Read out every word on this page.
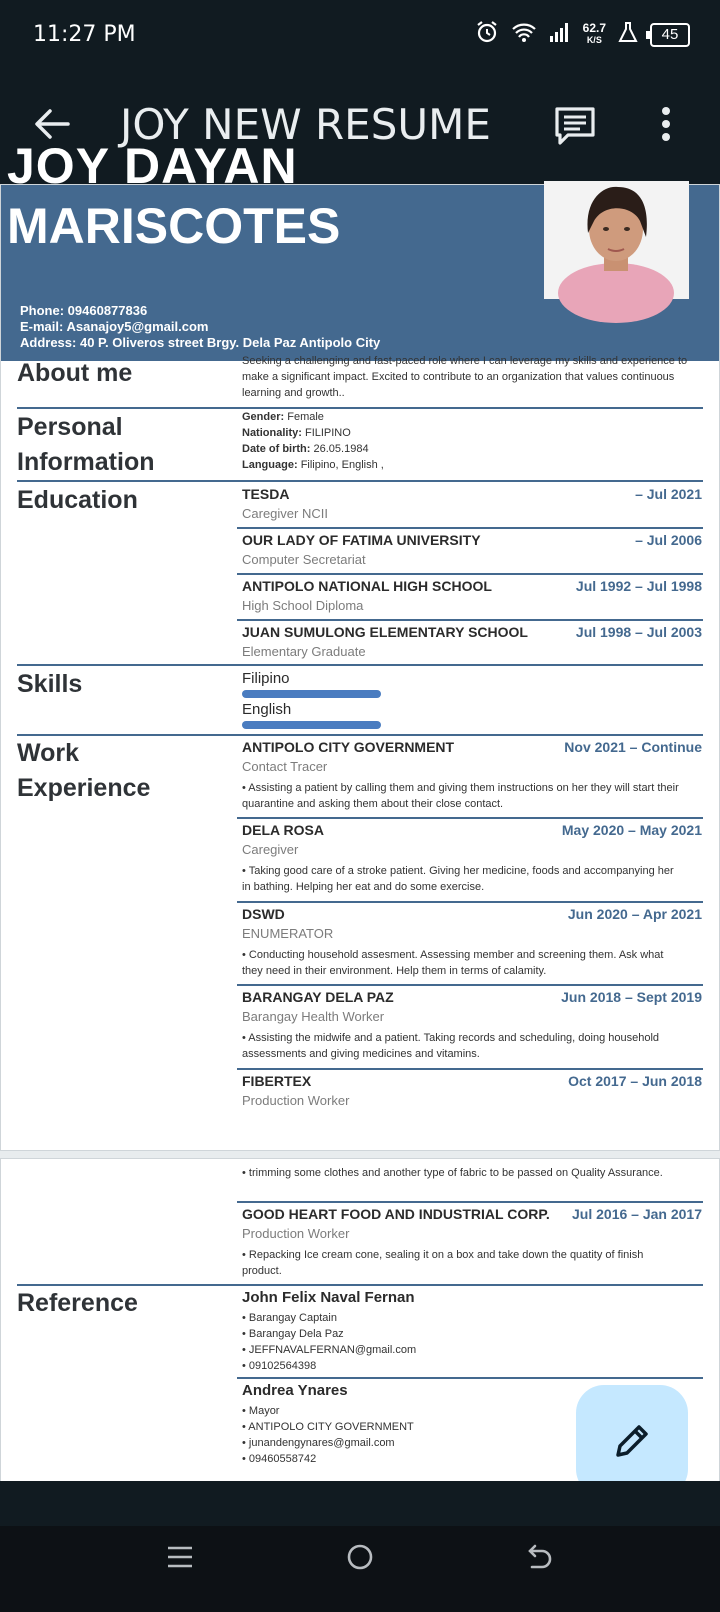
11:27 PM	62.7
K/S	45
JOY NEW RESUME
JOY DAYAN
MARISCOTES
Phone: 09460877836
E-mail: Asanajoy5@gmail.com
Address: 40 P. Oliveros street Brgy. Dela Paz Antipolo City
About me	Seeking a challenging and fast-paced role where I can leverage my skills and experience to make a significant impact. Excited to contribute to an organization that values continuous learning and growth..
Personal
Information
Gender: Female
Nationality: FILIPINO
Date of birth: 26.05.1984
Language: Filipino, English ,
Education	TESDA	– Jul 2021
Caregiver NCII
OUR LADY OF FATIMA UNIVERSITY	– Jul 2006
Computer Secretariat
ANTIPOLO NATIONAL HIGH SCHOOL	Jul 1992 – Jul 1998
High School Diploma
JUAN SUMULONG ELEMENTARY SCHOOL	Jul 1998 – Jul 2003
Elementary Graduate
Skills	Filipino
English
Work
Experience
ANTIPOLO CITY GOVERNMENT	Nov 2021 – Continue
Contact Tracer
• Assisting a patient by calling them and giving them instructions on her they will start their quarantine and asking them about their close contact.
DELA ROSA	May 2020 – May 2021
Caregiver
• Taking good care of a stroke patient. Giving her medicine, foods and accompanying her in bathing. Helping her eat and do some exercise.
DSWD	Jun 2020 – Apr 2021
ENUMERATOR
• Conducting household assesment. Assessing member and screening them. Ask what they need in their environment. Help them in terms of calamity.
BARANGAY DELA PAZ	Jun 2018 – Sept 2019
Barangay Health Worker
• Assisting the midwife and a patient. Taking records and scheduling, doing household assessments and giving medicines and vitamins.
FIBERTEX	Oct 2017 – Jun 2018
Production Worker
• trimming some clothes and another type of fabric to be passed on Quality Assurance.
GOOD HEART FOOD AND INDUSTRIAL CORP. Jul 2016 – Jan 2017
Production Worker
• Repacking Ice cream cone, sealing it on a box and take down the quatity of finish product.
Reference	John Felix Naval Fernan
• Barangay Captain
• Barangay Dela Paz
• JEFFNAVALFERNAN@gmail.com
• 09102564398
Andrea Ynares
• Mayor
• ANTIPOLO CITY GOVERNMENT
• junandengynares@gmail.com
• 09460558742
